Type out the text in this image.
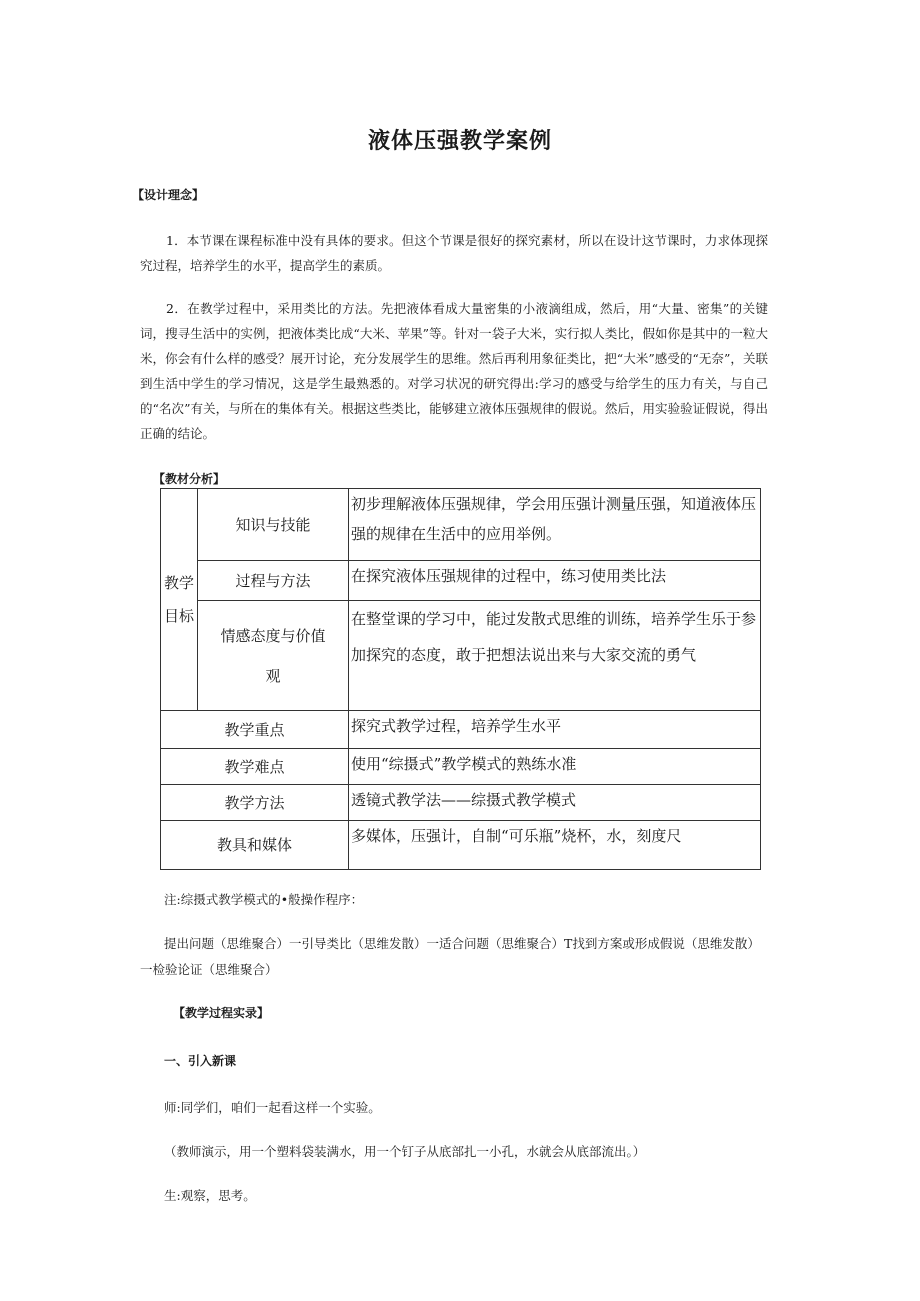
液体压强教学案例
【设计理念】

1．本节课在课程标准中没有具体的要求。但这个节课是很好的探究素材，所以在设计这节课时，力求体现探究过程，培养学生的水平，提高学生的素质。

2．在教学过程中，采用类比的方法。先把液体看成大量密集的小液滴组成，然后，用“大量、密集”的关键词，搜寻生活中的实例，把液体类比成“大米、苹果”等。针对一袋子大米，实行拟人类比，假如你是其中的一粒大米，你会有什么样的感受？展开讨论，充分发展学生的思维。然后再利用象征类比，把“大米”感受的“无奈”，关联到生活中学生的学习情况，这是学生最熟悉的。对学习状况的研究得出:学习的感受与给学生的压力有关，与自己的“名次”有关，与所在的集体有关。根据这些类比，能够建立液体压强规律的假说。然后，用实验验证假说，得出正确的结论。

【教材分析】
教学目标	知识与技能	初步理解液体压强规律，学会用压强计测量压强，知道液体压强的规律在生活中的应用举例。
	过程与方法	在探究液体压强规律的过程中，练习使用类比法
	情感态度与价值观	在整堂课的学习中，能过发散式思维的训练，培养学生乐于参加探究的态度，敢于把想法说出来与大家交流的勇气
教学重点		探究式教学过程，培养学生水平
教学难点		使用“综摄式”教学模式的熟练水准
教学方法		透镜式教学法——综摄式教学模式
教具和媒体		多媒体，压强计，自制“可乐瓶”烧杯，水，刻度尺
注:综摄式教学模式的•般操作程序：
提出问题（思维聚合）一引导类比（思维发散）一适合问题（思维聚合）T找到方案或形成假说（思维发散）
一检验论证（思维聚合）
【教学过程实录】
一、引入新课
师:同学们，咱们一起看这样一个实验。
（教师演示，用一个塑料袋装满水，用一个钉子从底部扎一小孔，水就会从底部流出。）
生:观察，思考。
